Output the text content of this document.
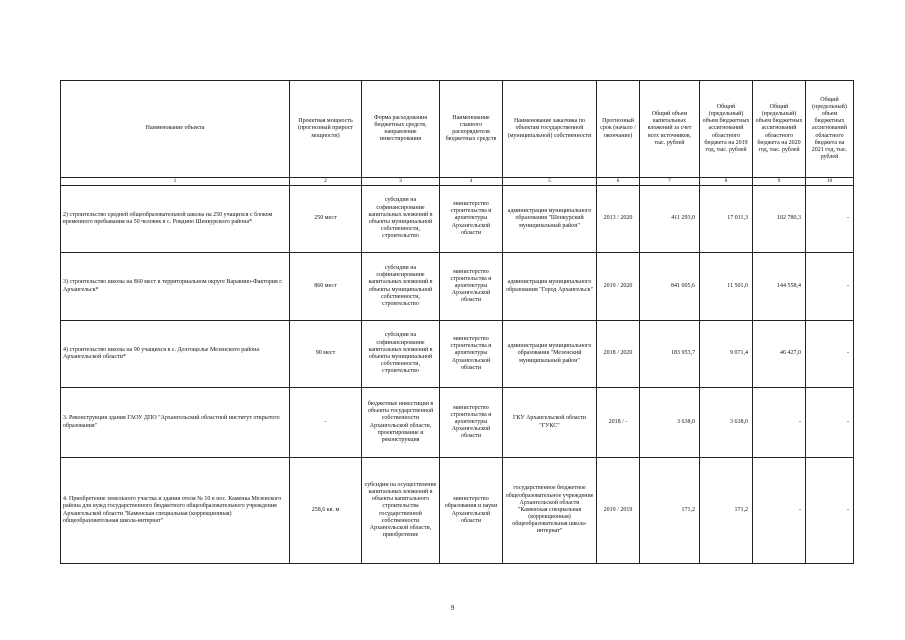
Наименование объекта	Проектная мощность (прогнозный прирост мощности)	Форма расходования бюджетных средств, направление инвестирования	Наименование главного распорядителя бюджетных средств	Наименование заказчика по объектам государственной (муниципальной) собственности	Прогнозный срок (начало / окончание)	Общий объем капитальных вложений за счет всех источников, тыс. рублей	Общий (предельный) объем бюджетных ассигнований областного бюджета на 2019 год, тыс. рублей	Общий (предельный) объем бюджетных ассигнований областного бюджета на 2020 год, тыс. рублей	Общий (предельный) объем бюджетных ассигнований областного бюджета на 2021 год, тыс. рублей
1	2	3	4	5	6	7	8	9	10
2) строительство средней общеобразовательной школы на 250 учащихся с блоком временного пребывания на 50 человек в с. Ровдино Шенкурского района*	250 мест	субсидии на софинансирование капитальных вложений в объекты муниципальной собственности, строительство	министерство строительства и архитектуры Архангельской области	администрация муниципального образования "Шенкурский муниципальный район"	2013 / 2020	411 293,0	17 011,3	102 780,3	-
3) строительство школы на 860 мест в территориальном округе Варавино-Фактория г. Архангельск*	860 мест	субсидии на софинансирование капитальных вложений в объекты муниципальной собственности, строительство	министерство строительства и архитектуры Архангельской области	администрация муниципального образования "Город Архангельск"	2019 / 2020	841 005,6	11 501,0	144 558,4	-
4) строительство школы на 90 учащихся в с. Долгощелье Мезенского района Архангельской области*	90 мест	субсидии на софинансирование капитальных вложений в объекты муниципальной собственности, строительство	министерство строительства и архитектуры Архангельской области	администрация муниципального образования "Мезенский муниципальный район"	2018 / 2020	183 953,7	9 071,4	46 427,0	-
3. Реконструкция здания ГАОУ ДПО "Архангельский областной институт открытого образования"	-	бюджетные инвестиции в объекты государственной собственности Архангельской области, проектирование и реконструкция	министерство строительства и архитектуры Архангельской области	ГКУ Архангельской области "ГУКС"	2018 / -	3 638,0	3 638,0	-	-
4. Приобретение земельного участка и здания отеля № 10 в пос. Каменка Мезенского района для нужд государственного бюджетного общеобразовательного учреждения Архангельской области "Каменская специальная (коррекционная) общеобразовательная школа-интернат"	258,6 кв. м	субсидии на осуществление капитальных вложений в объекты капитального строительства государственной собственности Архангельской области, приобретение	министерство образования и науки Архангельской области	государственное бюджетное общеобразовательное учреждение Архангельской области "Каменская специальная (коррекционная) общеобразовательная школа-интернат"	2019 / 2019	171,2	171,2	-	-
9
